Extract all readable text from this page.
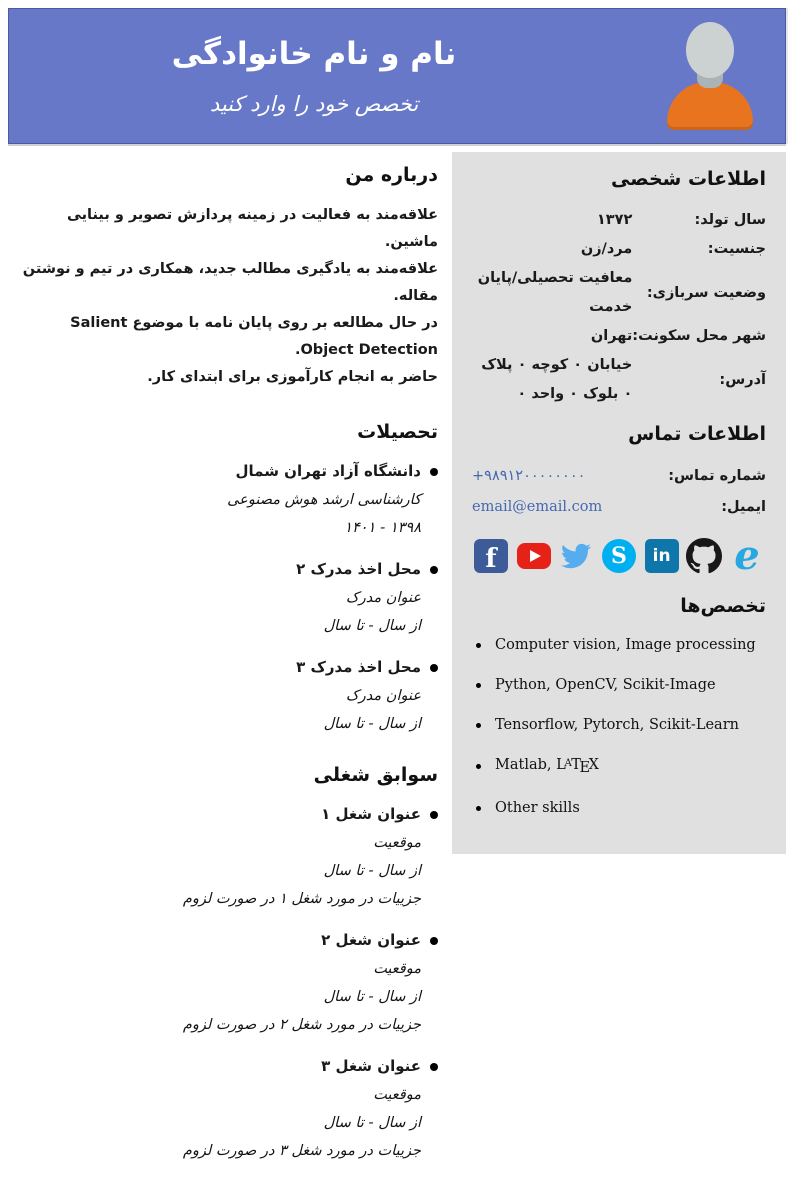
نام و نام خانوادگی
تخصص خود را وارد کنید
درباره من
علاقه‌مند به فعالیت در زمینه پردازش تصویر و بینایی ماشین.
علاقه‌مند به یادگیری مطالب جدید، همکاری در تیم و نوشتن مقاله.
در حال مطالعه بر روی پایان نامه با موضوع Salient Object Detection.
حاضر به انجام کارآموزی برای ابتدای کار.
تحصیلات
دانشگاه آزاد تهران شمال
کارشناسی ارشد هوش مصنوعی
۱۳۹۸ - ۱۴۰۱
محل اخذ مدرک ۲
عنوان مدرک
از سال - تا سال
محل اخذ مدرک ۳
عنوان مدرک
از سال - تا سال
سوابق شغلی
عنوان شغل ۱
موقعیت
از سال - تا سال
جزییات در مورد شغل ۱ در صورت لزوم
عنوان شغل ۲
موقعیت
از سال - تا سال
جزییات در مورد شغل ۲ در صورت لزوم
عنوان شغل ۳
موقعیت
از سال - تا سال
جزییات در مورد شغل ۳ در صورت لزوم
اطلاعات شخصی
سال تولد:	۱۳۷۲
جنسیت:	مرد/زن
وضعیت سربازی:	معافیت تحصیلی/پایان خدمت
شهر محل سکونت:	تهران
آدرس:	خیابان ۰ کوچه ۰ پلاک ۰ بلوک ۰ واحد ۰
اطلاعات تماس
شماره تماس:	+۹۸۹۱۲۰۰۰۰۰۰۰۰
ایمیل:	email@email.com
f	S	in e
تخصص‌ها
Computer vision, Image processing
Python, OpenCV, Scikit-Image
Tensorflow, Pytorch, Scikit-Learn
Matlab, LATEX
Other skills
